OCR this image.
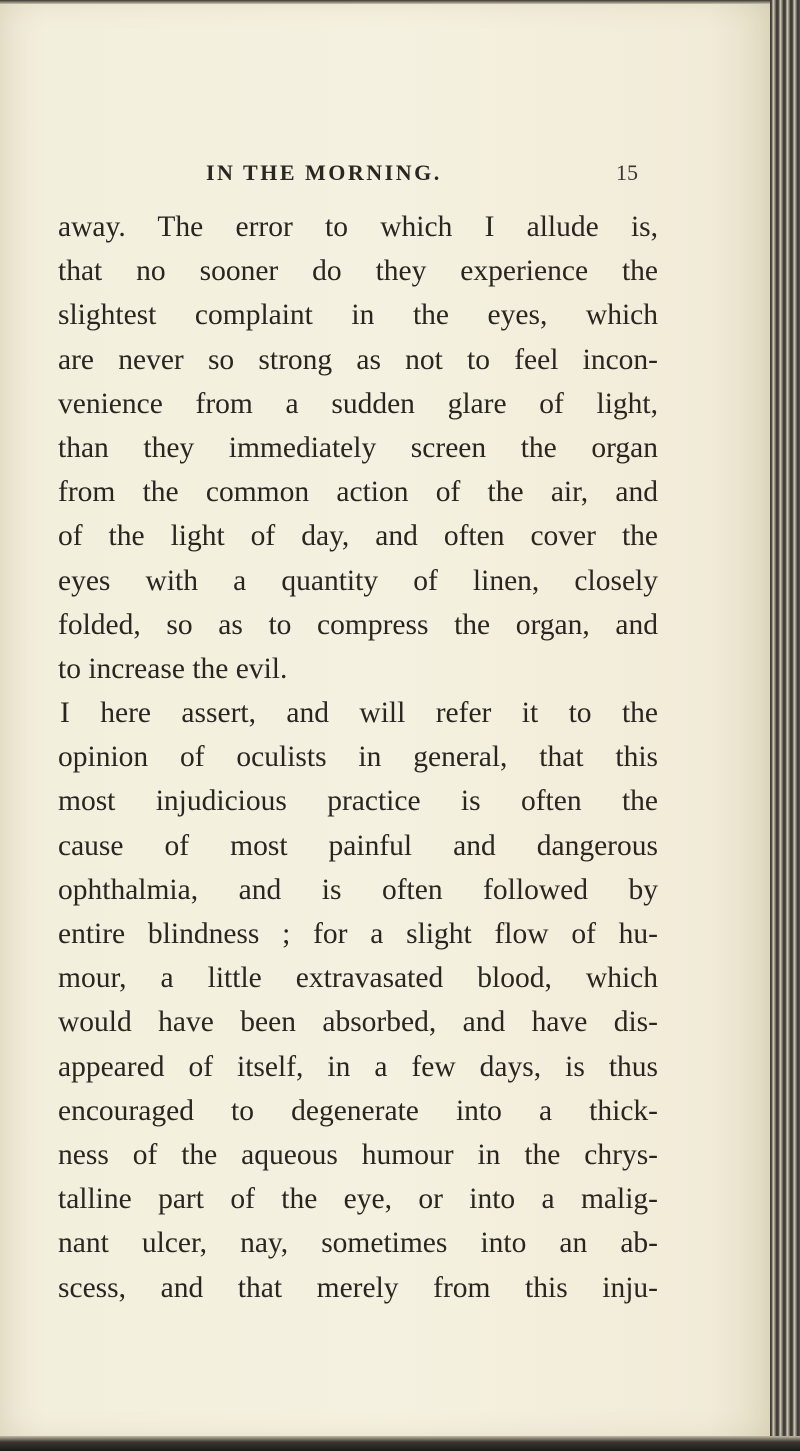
IN THE MORNING.	15
away. The error to which I allude is,
that no sooner do they experience the
slightest complaint in the eyes, which
are never so strong as not to feel incon-
venience from a sudden glare of light,
than they immediately screen the organ
from the common action of the air, and
of the light of day, and often cover the
eyes with a quantity of linen, closely
folded, so as to compress the organ, and
to increase the evil.
I here assert, and will refer it to the
opinion of oculists in general, that this
most injudicious practice is often the
cause of most painful and dangerous
ophthalmia, and is often followed by
entire blindness ; for a slight flow of hu-
mour, a little extravasated blood, which
would have been absorbed, and have dis-
appeared of itself, in a few days, is thus
encouraged to degenerate into a thick-
ness of the aqueous humour in the chrys-
talline part of the eye, or into a malig-
nant ulcer, nay, sometimes into an ab-
scess, and that merely from this inju-
